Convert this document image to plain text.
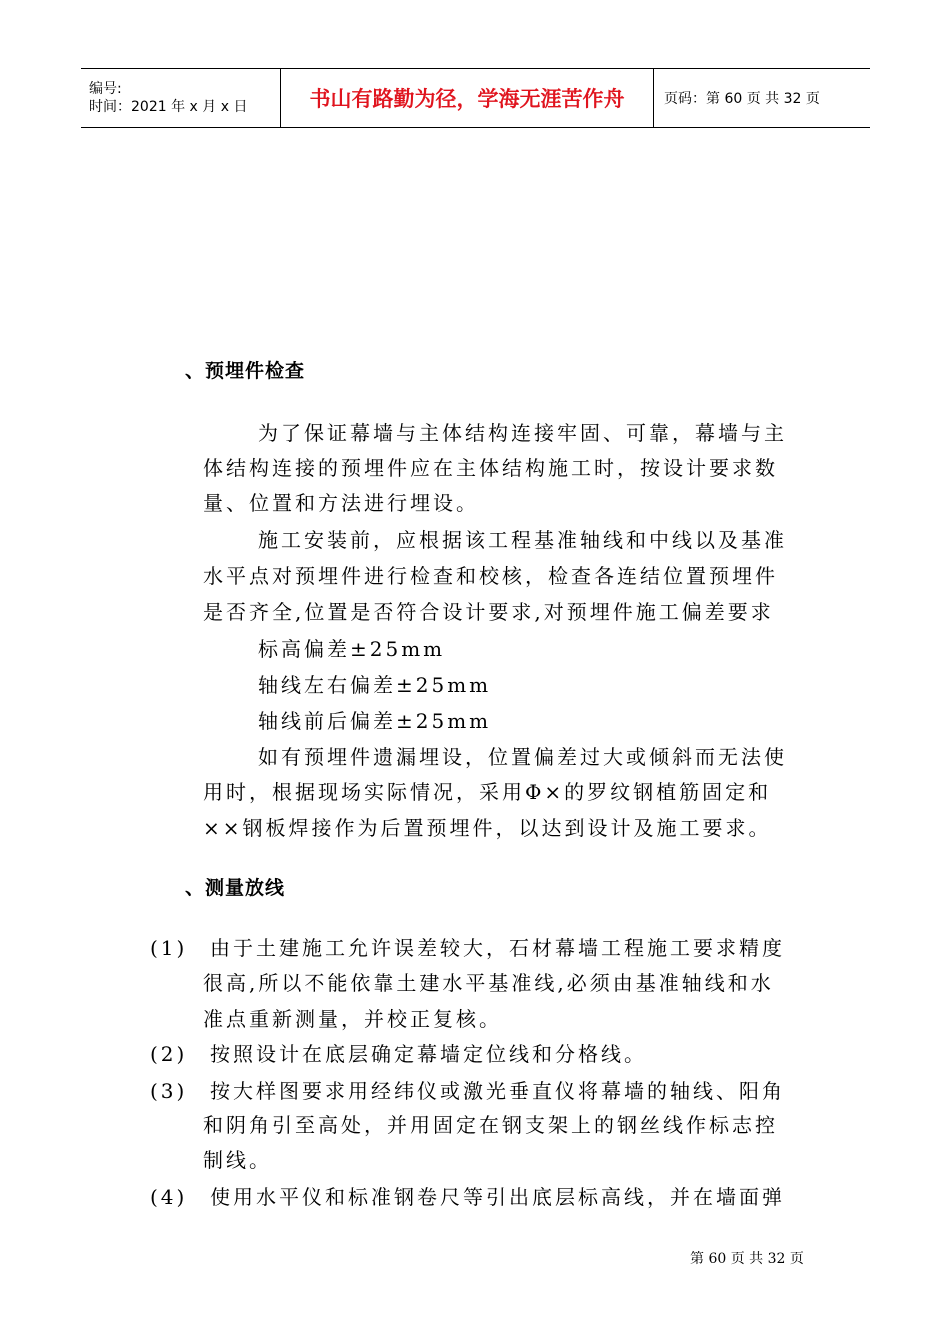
编号:
时间：2021 年 x 月 x 日	书山有路勤为径，学海无涯苦作舟	页码：第 60 页 共 32 页
、预埋件检查
为了保证幕墙与主体结构连接牢固、可靠，幕墙与主
体结构连接的预埋件应在主体结构施工时，按设计要求数
量、位置和方法进行埋设。
施工安装前，应根据该工程基准轴线和中线以及基准
水平点对预埋件进行检查和校核，检查各连结位置预埋件
是否齐全,位置是否符合设计要求,对预埋件施工偏差要求
标高偏差±25mm
轴线左右偏差±25mm
轴线前后偏差±25mm
如有预埋件遗漏埋设，位置偏差过大或倾斜而无法使
用时，根据现场实际情况，采用Φ×的罗纹钢植筋固定和
××钢板焊接作为后置预埋件，以达到设计及施工要求。
、测量放线
(1) 由于土建施工允许误差较大，石材幕墙工程施工要求精度
很高,所以不能依靠土建水平基准线,必须由基准轴线和水
准点重新测量，并校正复核。
(2) 按照设计在底层确定幕墙定位线和分格线。
(3) 按大样图要求用经纬仪或激光垂直仪将幕墙的轴线、阳角
和阴角引至高处，并用固定在钢支架上的钢丝线作标志控
制线。
(4) 使用水平仪和标准钢卷尺等引出底层标高线，并在墙面弹
第 60 页 共 32 页
